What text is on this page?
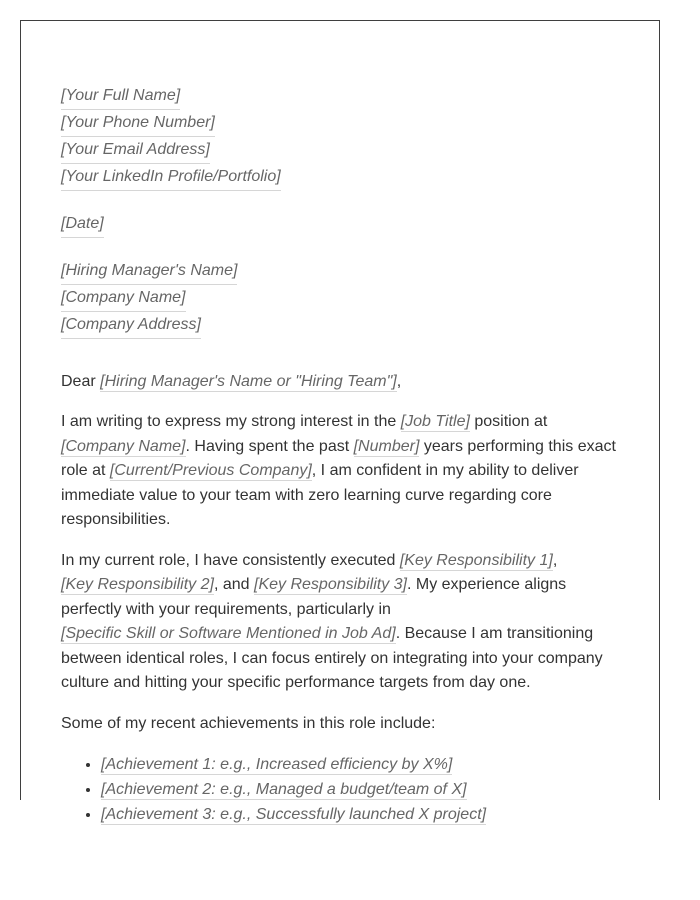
[Your Full Name]
[Your Phone Number]
[Your Email Address]
[Your LinkedIn Profile/Portfolio]
[Date]
[Hiring Manager's Name]
[Company Name]
[Company Address]

Dear [Hiring Manager's Name or "Hiring Team"],

I am writing to express my strong interest in the [Job Title] position at [Company Name]. Having spent the past [Number] years performing this exact role at [Current/Previous Company], I am confident in my ability to deliver immediate value to your team with zero learning curve regarding core responsibilities.

In my current role, I have consistently executed [Key Responsibility 1], [Key Responsibility 2], and [Key Responsibility 3]. My experience aligns perfectly with your requirements, particularly in [Specific Skill or Software Mentioned in Job Ad]. Because I am transitioning between identical roles, I can focus entirely on integrating into your company culture and hitting your specific performance targets from day one.

Some of my recent achievements in this role include:

• [Achievement 1: e.g., Increased efficiency by X%]
• [Achievement 2: e.g., Managed a budget/team of X]
• [Achievement 3: e.g., Successfully launched X project]
